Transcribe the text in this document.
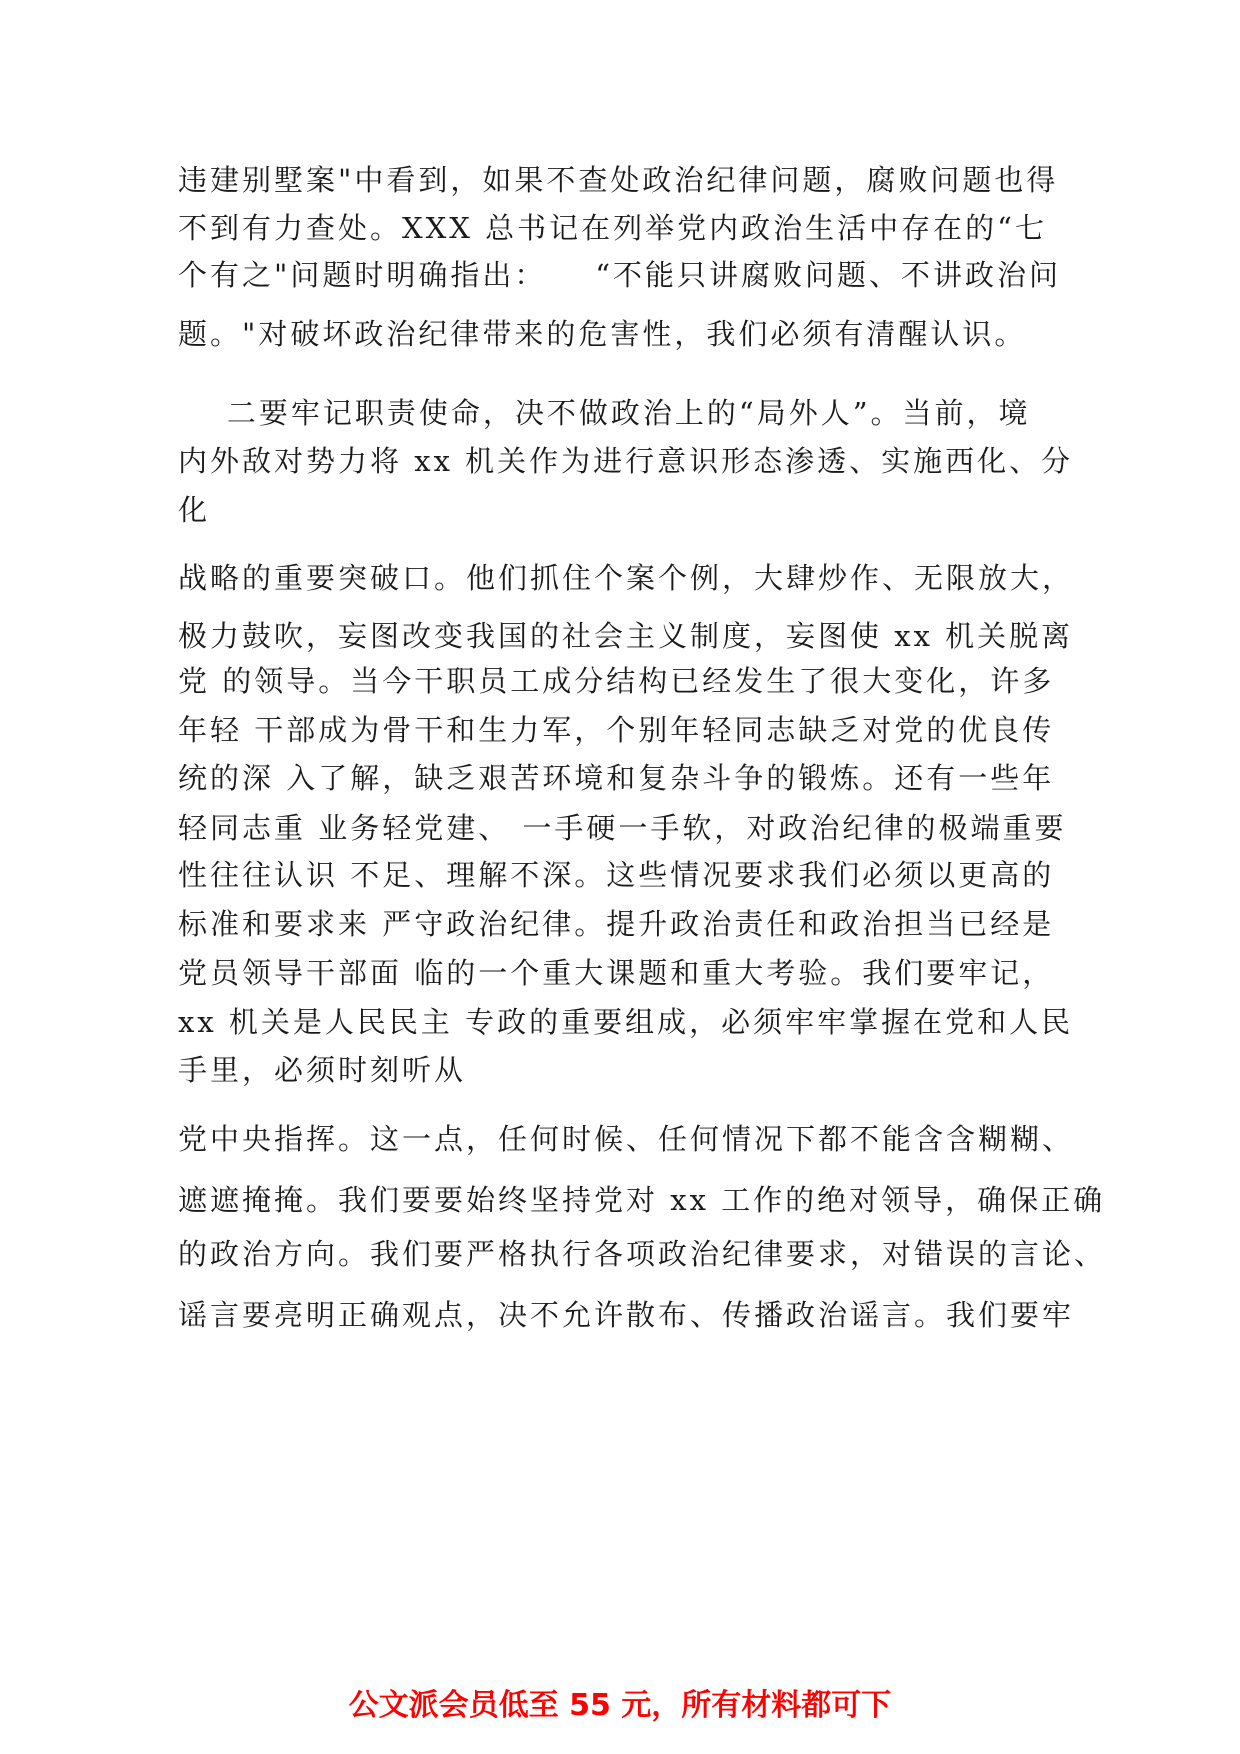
违建别墅案"中看到，如果不查处政治纪律问题，腐败问题也得
不到有力查处。XXX 总书记在列举党内政治生活中存在的“七
个有之"问题时明确指出：    “不能只讲腐败问题、不讲政治问
题。"对破坏政治纪律带来的危害性，我们必须有清醒认识。
二要牢记职责使命，决不做政治上的“局外人”。当前，境
内外敌对势力将 xx 机关作为进行意识形态渗透、实施西化、分
化
战略的重要突破口。他们抓住个案个例，大肆炒作、无限放大，
极力鼓吹，妄图改变我国的社会主义制度，妄图使 xx 机关脱离
党 的领导。当今干职员工成分结构已经发生了很大变化，许多
年轻 干部成为骨干和生力军，个别年轻同志缺乏对党的优良传
统的深 入了解，缺乏艰苦环境和复杂斗争的锻炼。还有一些年
轻同志重 业务轻党建、 一手硬一手软，对政治纪律的极端重要
性往往认识 不足、理解不深。这些情况要求我们必须以更高的
标准和要求来 严守政治纪律。提升政治责任和政治担当已经是
党员领导干部面 临的一个重大课题和重大考验。我们要牢记，
xx 机关是人民民主 专政的重要组成，必须牢牢掌握在党和人民
手里，必须时刻听从
党中央指挥。这一点，任何时候、任何情况下都不能含含糊糊、
遮遮掩掩。我们要要始终坚持党对 xx 工作的绝对领导，确保正确
的政治方向。我们要严格执行各项政治纪律要求，对错误的言论、
谣言要亮明正确观点，决不允许散布、传播政治谣言。我们要牢
公文派会员低至 55 元，所有材料都可下
